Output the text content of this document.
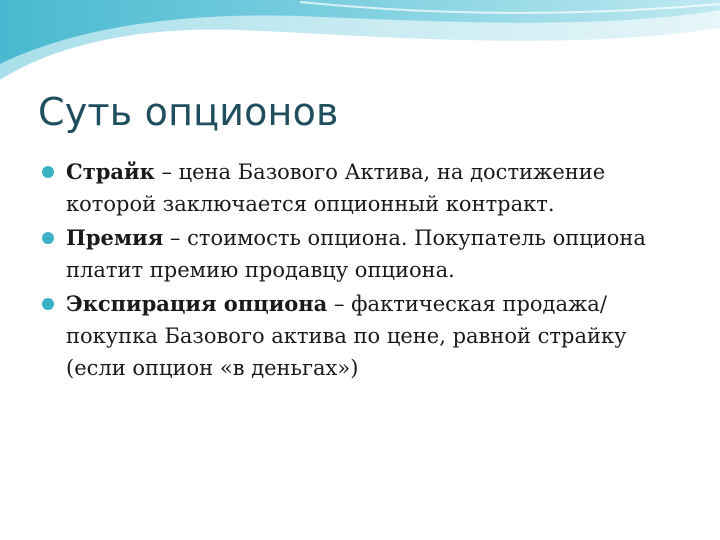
Суть опционов
Страйк – цена Базового Актива, на достижение которой заключается опционный контракт.
Премия – стоимость опциона. Покупатель опциона платит премию продавцу опциона.
Экспирация опциона – фактическая продажа/покупка Базового актива по цене, равной страйку (если опцион «в деньгах»)
